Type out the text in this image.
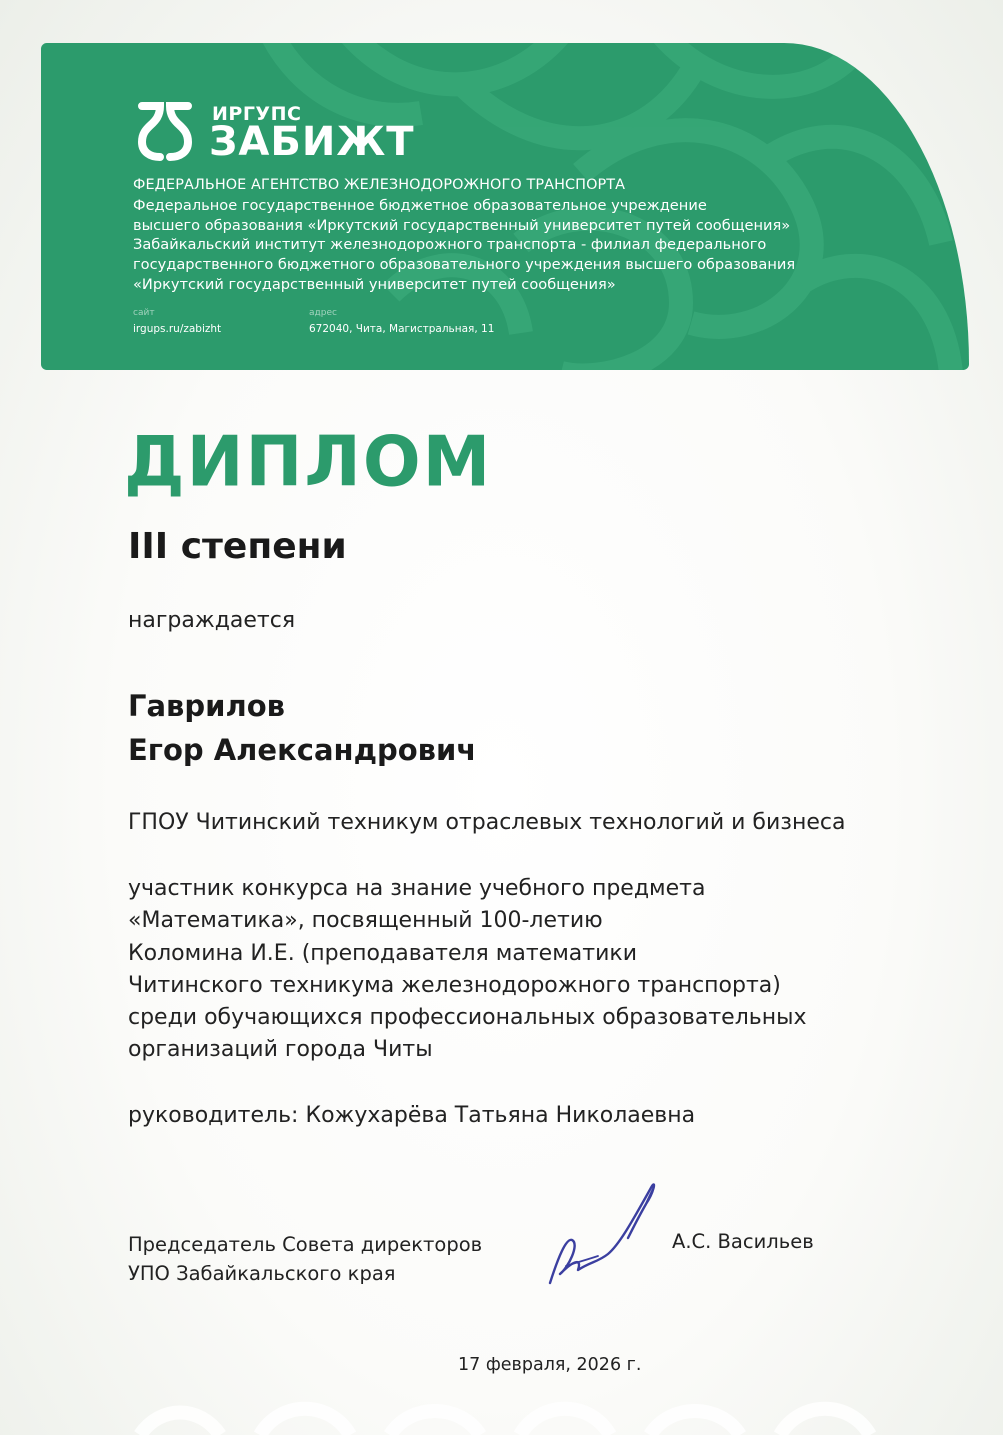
ИРГУПС
ЗАБИЖТ
ФЕДЕРАЛЬНОЕ АГЕНТСТВО ЖЕЛЕЗНОДОРОЖНОГО ТРАНСПОРТА
Федеральное государственное бюджетное образовательное учреждение
высшего образования «Иркутский государственный университет путей сообщения»
Забайкальский институт железнодорожного транспорта - филиал федерального
государственного бюджетного образовательного учреждения высшего образования
«Иркутский государственный университет путей сообщения»
сайт
irgups.ru/zabizht
адрес
672040, Чита, Магистральная, 11
ДИПЛОМ
III степени
награждается
Гаврилов
Егор Александрович
ГПОУ Читинский техникум отраслевых технологий и бизнеса
участник конкурса на знание учебного предмета
«Математика», посвященный 100-летию
Коломина И.Е. (преподавателя математики
Читинского техникума железнодорожного транспорта)
среди обучающихся профессиональных образовательных
организаций города Читы
руководитель: Кожухарёва Татьяна Николаевна
Председатель Совета директоров
УПО Забайкальского края
А.С. Васильев
17 февраля, 2026 г.
